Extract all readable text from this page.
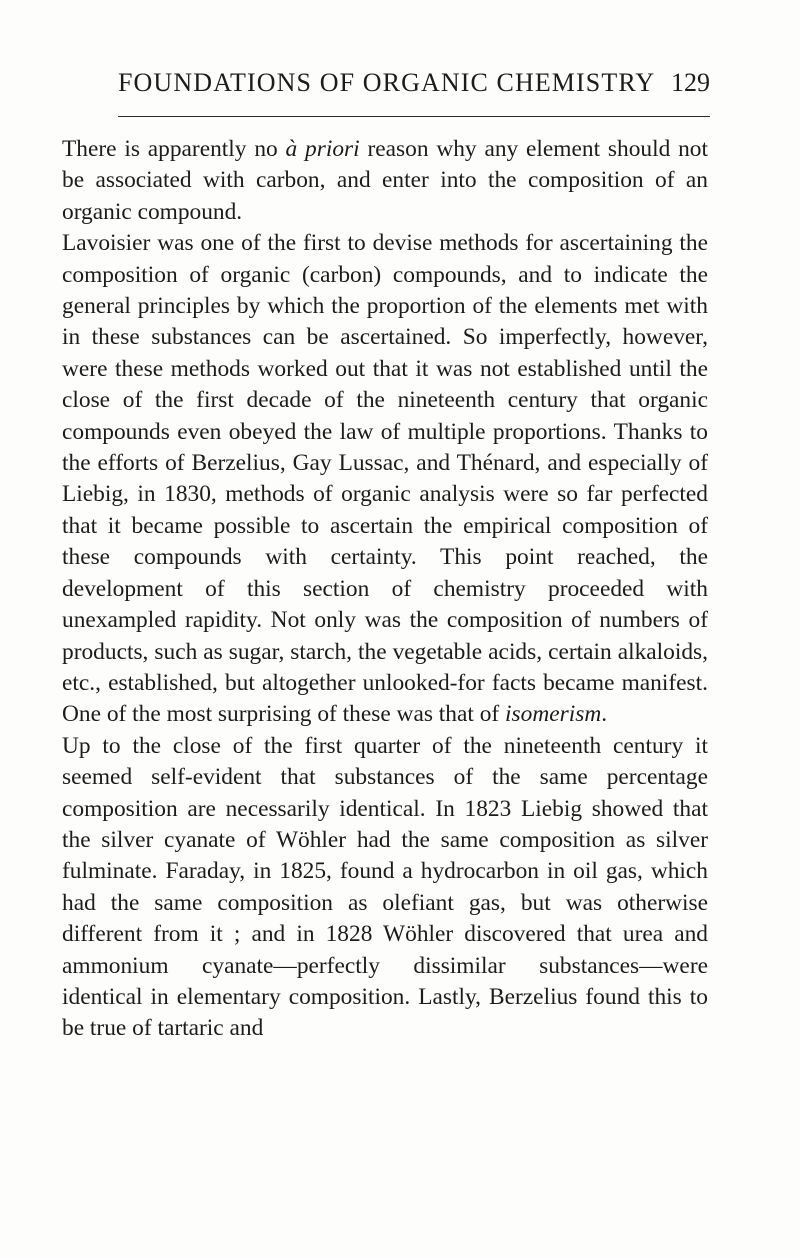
FOUNDATIONS OF ORGANIC CHEMISTRY 129

There is apparently no à priori reason why any element should not be associated with carbon, and enter into the composition of an organic compound.

Lavoisier was one of the first to devise methods for ascertaining the composition of organic (carbon) compounds, and to indicate the general principles by which the proportion of the elements met with in these substances can be ascertained. So imperfectly, however, were these methods worked out that it was not established until the close of the first decade of the nineteenth century that organic compounds even obeyed the law of multiple proportions. Thanks to the efforts of Berzelius, Gay Lussac, and Thénard, and especially of Liebig, in 1830, methods of organic analysis were so far perfected that it became possible to ascertain the empirical composition of these compounds with certainty. This point reached, the development of this section of chemistry proceeded with unexampled rapidity. Not only was the composition of numbers of products, such as sugar, starch, the vegetable acids, certain alkaloids, etc., established, but altogether unlooked-for facts became manifest. One of the most surprising of these was that of isomerism.

Up to the close of the first quarter of the nineteenth century it seemed self-evident that substances of the same percentage composition are necessarily identical. In 1823 Liebig showed that the silver cyanate of Wöhler had the same composition as silver fulminate. Faraday, in 1825, found a hydrocarbon in oil gas, which had the same composition as olefiant gas, but was otherwise different from it ; and in 1828 Wöhler discovered that urea and ammonium cyanate—perfectly dissimilar substances—were identical in elementary composition. Lastly, Berzelius found this to be true of tartaric and
